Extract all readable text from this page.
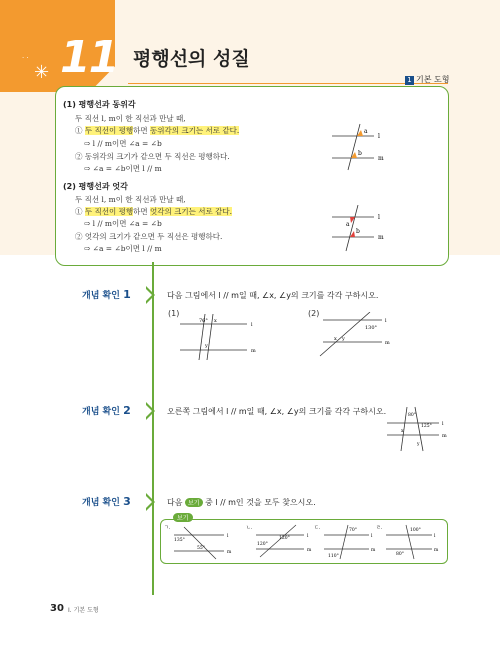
· ·
✳ 11 평행선의 성질
1 기본 도형
(1) 평행선과 동위각
두 직선 l, m이 한 직선과 만날 때,
① 두 직선이 평행하면 동위각의 크기는 서로 같다.
⇨ l // m이면 ∠a = ∠b
② 동위각의 크기가 같으면 두 직선은 평행하다.
⇨ ∠a = ∠b이면 l // m
(2) 평행선과 엇각
두 직선 l, m이 한 직선과 만날 때,
① 두 직선이 평행하면 엇각의 크기는 서로 같다.
⇨ l // m이면 ∠a = ∠b
② 엇각의 크기가 같으면 두 직선은 평행하다.
⇨ ∠a = ∠b이면 l // m
a
b
l
m
a
b
l
m
개념 확인 1	다음 그림에서 l // m일 때, ∠x, ∠y의 크기를 각각 구하시오.
(1)	(2)
76° x
y
l
m
130°
x y
l
m
개념 확인 2	오른쪽 그림에서 l // m일 때, ∠x, ∠y의 크기를 각각 구하시오.	80°
125°
x
y
l
m
개념 확인 3	다음 보기 중 l // m인 것을 모두 찾으시오.
보기
ㄱ.
135°
55°
l
m
ㄴ.
120°
120°	l
m
ㄷ.	70°
110°
l
m
ㄹ.	100°
80°
l
m
30 Ⅰ. 기본 도형
